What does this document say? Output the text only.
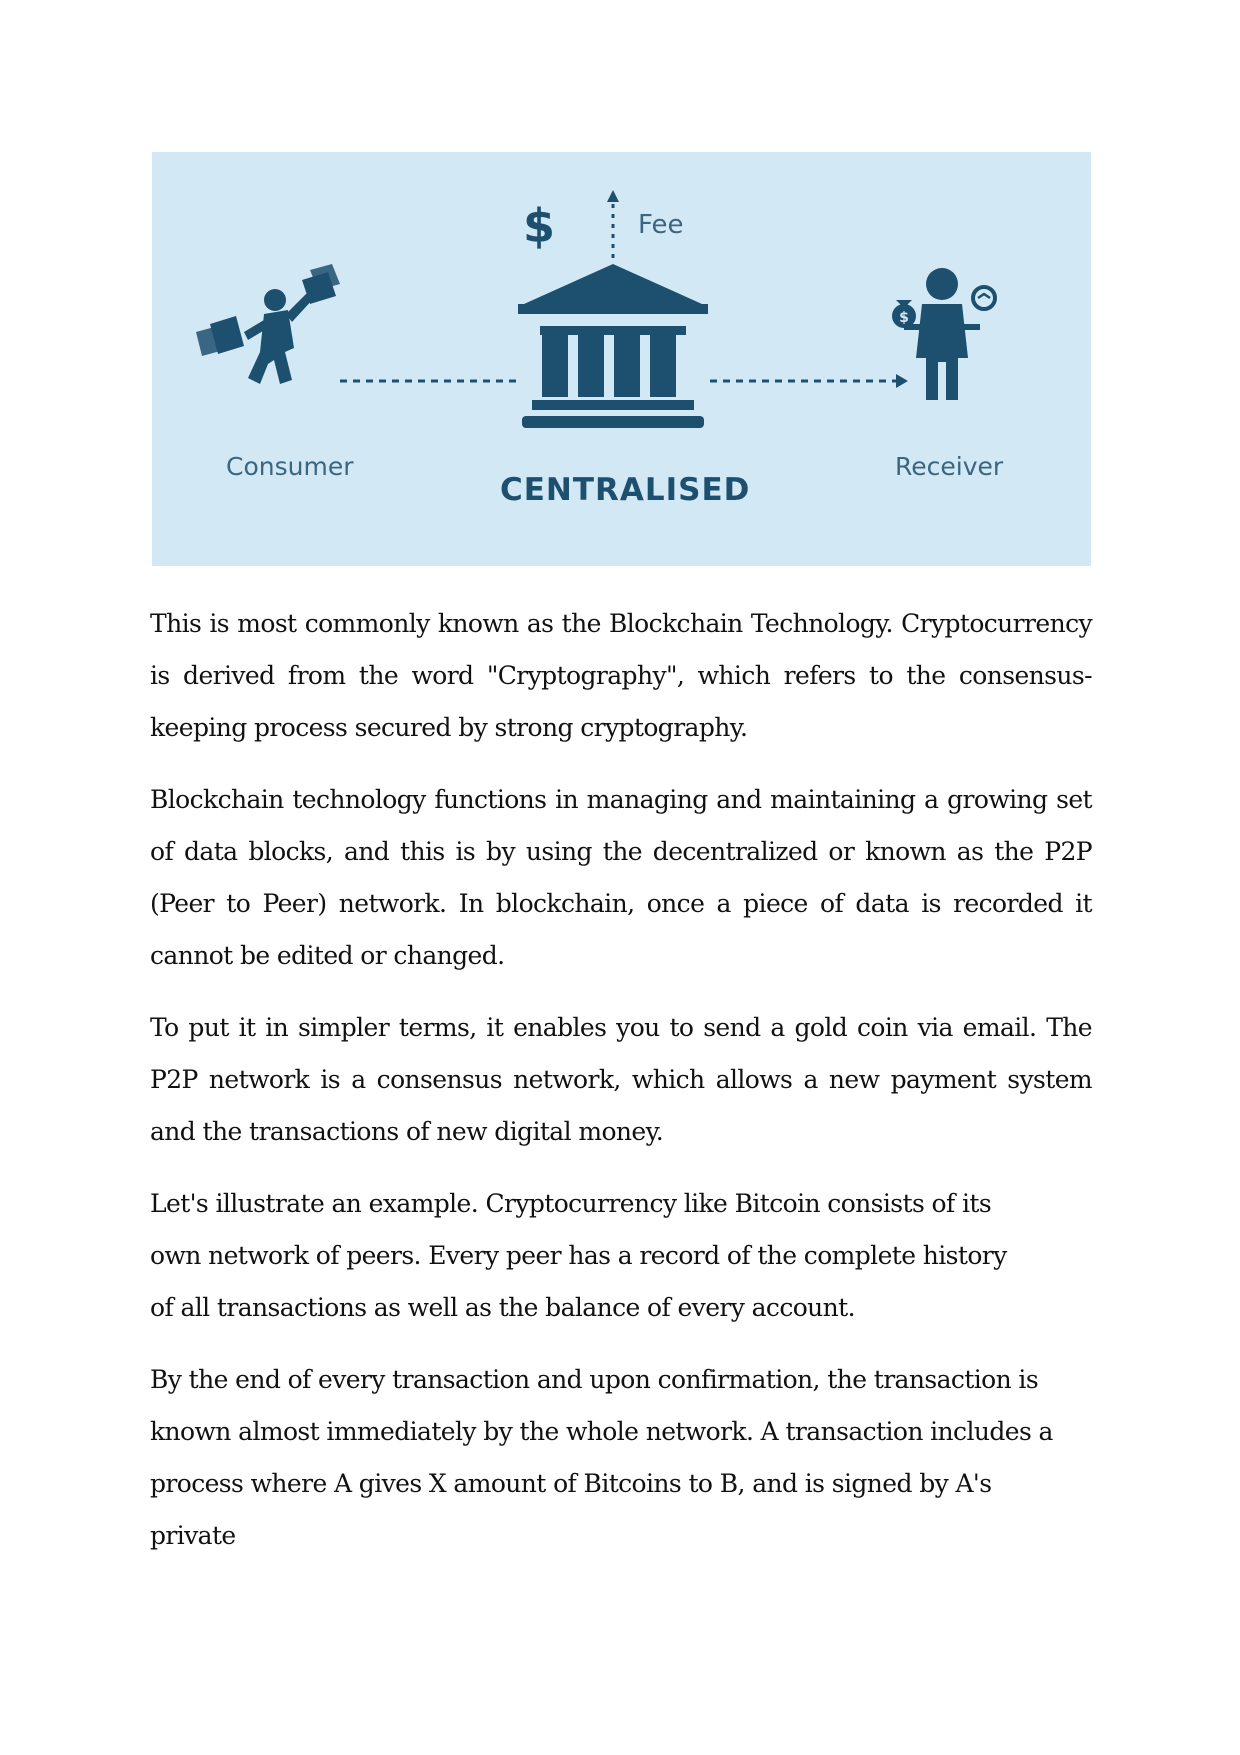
$
$
Fee
Consumer	Receiver
CENTRALISED

This is most commonly known as the Blockchain Technology. Cryptocurrency is derived from the word "Cryptography", which refers to the consensus-keeping process secured by strong cryptography.

Blockchain technology functions in managing and maintaining a growing set of data blocks, and this is by using the decentralized or known as the P2P (Peer to Peer) network. In blockchain, once a piece of data is recorded it cannot be edited or changed.

To put it in simpler terms, it enables you to send a gold coin via email. The P2P network is a consensus network, which allows a new payment system and the transactions of new digital money.

Let's illustrate an example. Cryptocurrency like Bitcoin consists of its own network of peers. Every peer has a record of the complete history of all transactions as well as the balance of every account.

By the end of every transaction and upon confirmation, the transaction is known almost immediately by the whole network. A transaction includes a process where A gives X amount of Bitcoins to B, and is signed by A's private
